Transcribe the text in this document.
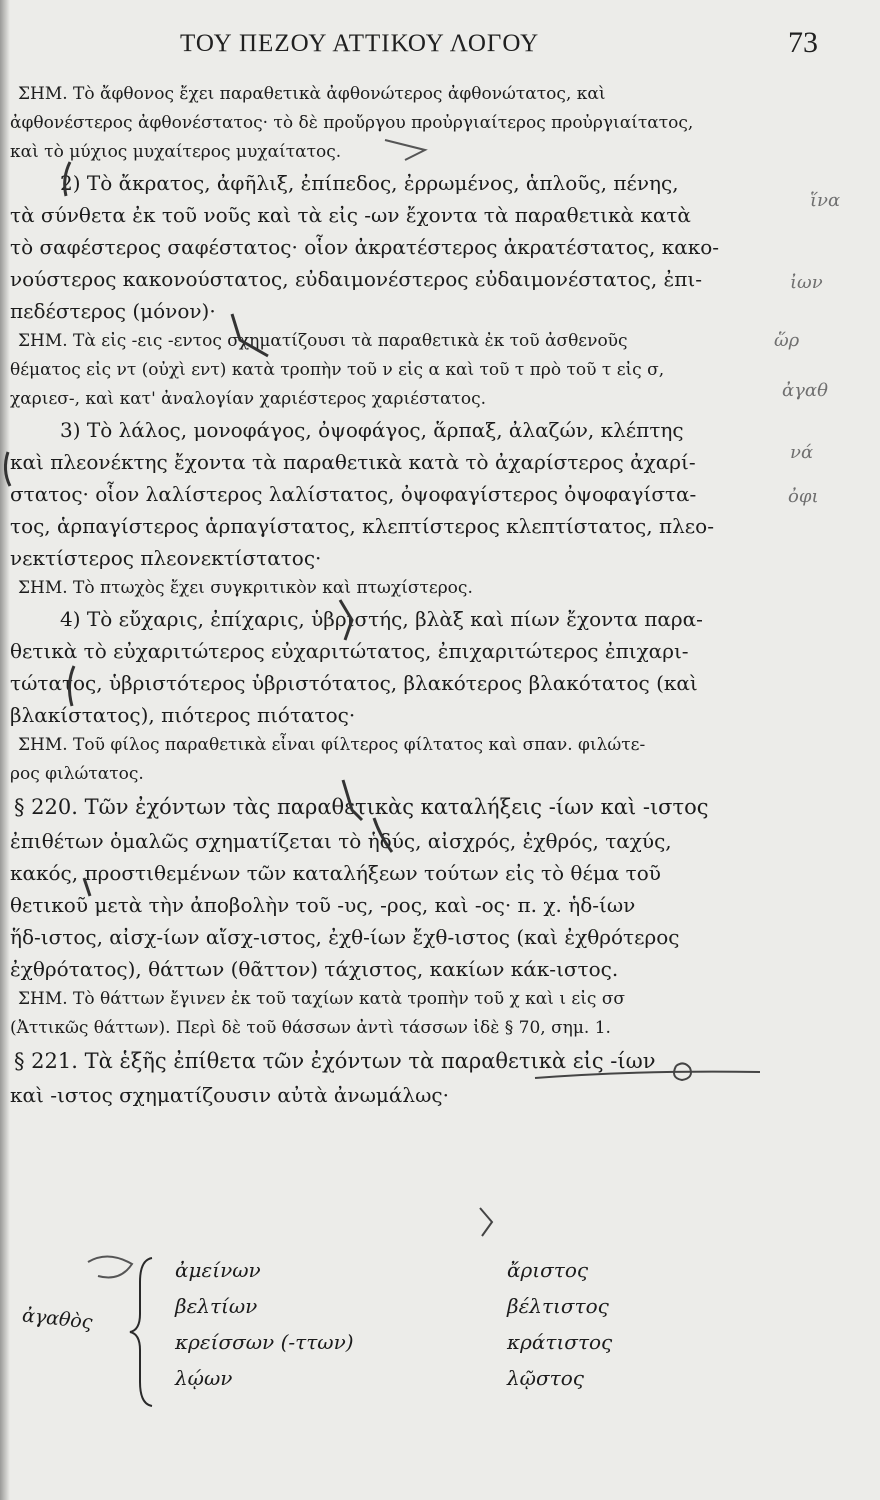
ΤΟΥ ΠΕΖΟΥ ΑΤΤΙΚΟΥ ΛΟΓΟΥ	73
ΣΗΜ. Τὸ ἄφθονος ἔχει παραθετικὰ ἀφθονώτερος ἀφθονώτατος, καὶ
ἀφθονέστερος ἀφθονέστατος· τὸ δὲ προὔργου προὐργιαίτερος προὐργιαίτατος,
καὶ τὸ μύχιος μυχαίτερος μυχαίτατος.
2) Τὸ ἄκρατος, ἀφῆλιξ, ἐπίπεδος, ἐρρωμένος, ἁπλοῦς, πένης,
τὰ σύνθετα ἐκ τοῦ νοῦς καὶ τὰ εἰς -ων ἔχοντα τὰ παραθετικὰ κατὰ
τὸ σαφέστερος σαφέστατος· οἷον ἀκρατέστερος ἀκρατέστατος, κακο-
νούστερος κακονούστατος, εὐδαιμονέστερος εὐδαιμονέστατος, ἐπι-
πεδέστερος (μόνον)·
ΣΗΜ. Τὰ εἰς -εις -εντος σχηματίζουσι τὰ παραθετικὰ ἐκ τοῦ ἀσθενοῦς
θέματος εἰς ντ (οὐχὶ εντ) κατὰ τροπὴν τοῦ ν εἰς α καὶ τοῦ τ πρὸ τοῦ τ εἰς σ,
χαριεσ-, καὶ κατ' ἀναλογίαν χαριέστερος χαριέστατος.
3) Τὸ λάλος, μονοφάγος, ὀψοφάγος, ἅρπαξ, ἀλαζών, κλέπτης
καὶ πλεονέκτης ἔχοντα τὰ παραθετικὰ κατὰ τὸ ἀχαρίστερος ἀχαρί-
στατος· οἷον λαλίστερος λαλίστατος, ὀψοφαγίστερος ὀψοφαγίστα-
τος, ἁρπαγίστερος ἁρπαγίστατος, κλεπτίστερος κλεπτίστατος, πλεο-
νεκτίστερος πλεονεκτίστατος·
ΣΗΜ. Τὸ πτωχὸς ἔχει συγκριτικὸν καὶ πτωχίστερος.
4) Τὸ εὔχαρις, ἐπίχαρις, ὑβριστής, βλὰξ καὶ πίων ἔχοντα παρα-
θετικὰ τὸ εὐχαριτώτερος εὐχαριτώτατος, ἐπιχαριτώτερος ἐπιχαρι-
τώτατος, ὑβριστότερος ὑβριστότατος, βλακότερος βλακότατος (καὶ
βλακίστατος), πιότερος πιότατος·
ΣΗΜ. Τοῦ φίλος παραθετικὰ εἶναι φίλτερος φίλτατος καὶ σπαν. φιλώτε-
ρος φιλώτατος.
§ 220. Τῶν ἐχόντων τὰς παραθετικὰς καταλήξεις -ίων καὶ -ιστος
ἐπιθέτων ὁμαλῶς σχηματίζεται τὸ ἡδύς, αἰσχρός, ἐχθρός, ταχύς,
κακός, προστιθεμένων τῶν καταλήξεων τούτων εἰς τὸ θέμα τοῦ
θετικοῦ μετὰ τὴν ἀποβολὴν τοῦ -υς, -ρος, καὶ -ος· π. χ. ἡδ-ίων
ἥδ-ιστος, αἰσχ-ίων αἴσχ-ιστος, ἐχθ-ίων ἔχθ-ιστος (καὶ ἐχθρότερος
ἐχθρότατος), θάττων (θᾶττον) τάχιστος, κακίων κάκ-ιστος.
ΣΗΜ. Τὸ θάττων ἔγινεν ἐκ τοῦ ταχίων κατὰ τροπὴν τοῦ χ καὶ ι εἰς σσ
(Ἀττικῶς θάττων). Περὶ δὲ τοῦ θάσσων ἀντὶ τάσσων ἰδὲ § 70, σημ. 1.
§ 221. Τὰ ἑξῆς ἐπίθετα τῶν ἐχόντων τὰ παραθετικὰ εἰς -ίων
καὶ -ιστος σχηματίζουσιν αὐτὰ ἀνωμάλως·
ἀγαθὸς
ἀμείνων
βελτίων
κρείσσων (-ττων)
λῴων
ἄριστος
βέλτιστος
κράτιστος
λῷστος
ἵνα
ἰων
ὥρ
ἀγαθ
νά
ὀφι
